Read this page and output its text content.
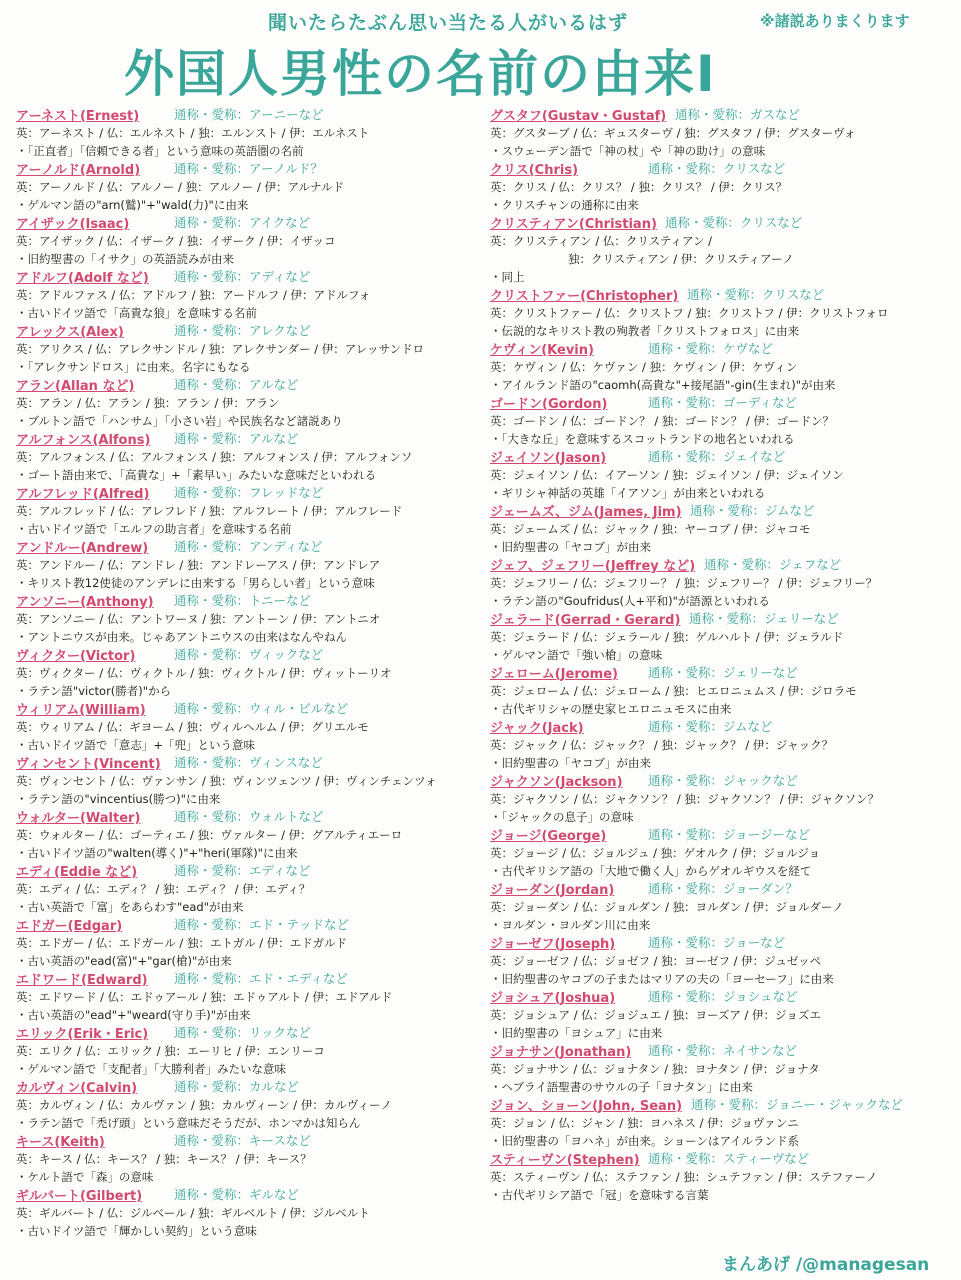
聞いたらたぶん思い当たる人がいるはず	※諸説ありまくります
外国人男性の名前の由来Ⅰ
アーネスト(Ernest)	通称・愛称：アーニーなど
英：アーネスト / 仏：エルネスト / 独：エルンスト / 伊：エルネスト
・「正直者」「信頼できる者」という意味の英語圏の名前
アーノルド(Arnold)	通称・愛称：アーノルド？
英：アーノルド / 仏：アルノー / 独：アルノー / 伊：アルナルド
・ゲルマン語の"arn(鷲)"+"wald(力)"に由来
アイザック(Isaac)	通称・愛称：アイクなど
英：アイザック / 仏：イザーク / 独：イザーク / 伊：イザッコ
・旧約聖書の「イサク」の英語読みが由来
アドルフ(Adolf など) 通称・愛称：アディなど
英：アドルファス / 仏：アドルフ / 独：アードルフ / 伊：アドルフォ
・古いドイツ語で「高貴な狼」を意味する名前
アレックス(Alex)	通称・愛称：アレクなど
英：アリクス / 仏：アレクサンドル / 独：アレクサンダー / 伊：アレッサンドロ
・「アレクサンドロス」に由来。名字にもなる
アラン(Allan など)	通称・愛称：アルなど
英：アラン / 仏：アラン / 独：アラン / 伊：アラン
・ブルトン語で「ハンサム」「小さい岩」や民族名など諸説あり
アルフォンス(Alfons) 通称・愛称：アルなど
英：アルフォンス / 仏：アルフォンス / 独：アルフォンス / 伊：アルフォンソ
・ゴート語由来で、「高貴な」+「素早い」みたいな意味だといわれる
アルフレッド(Alfred) 通称・愛称：フレッドなど
英：アルフレッド / 仏：アレフレド / 独：アルフレート / 伊：アルフレード
・古いドイツ語で「エルフの助言者」を意味する名前
アンドルー(Andrew) 通称・愛称：アンディなど
英：アンドルー / 仏：アンドレ / 独：アンドレーアス / 伊：アンドレア
・キリスト教12使徒のアンデレに由来する「男らしい者」という意味
アンソニー(Anthony) 通称・愛称：トニーなど
英：アンソニー / 仏：アントワーヌ / 独：アントーン / 伊：アントニオ
・アントニウスが由来。じゃあアントニウスの由来はなんやねん
ヴィクター(Victor)	通称・愛称：ヴィックなど
英：ヴィクター / 仏：ヴィクトル / 独：ヴィクトル / 伊：ヴィットーリオ
・ラテン語"victor(勝者)"から
ウィリアム(William) 通称・愛称：ウィル・ビルなど
英：ウィリアム / 仏：ギヨーム / 独：ヴィルヘルム / 伊：グリエルモ
・古いドイツ語で「意志」+「兜」という意味
ヴィンセント(Vincent) 通称・愛称：ヴィンスなど
英：ヴィンセント / 仏：ヴァンサン / 独：ヴィンツェンツ / 伊：ヴィンチェンツォ
・ラテン語の"vincentius(勝つ)"に由来
ウォルター(Walter)	通称・愛称：ウォルトなど
英：ウォルター / 仏：ゴーティエ / 独：ヴァルター / 伊：グアルティエーロ
・古いドイツ語の"walten(導く)"+"heri(軍隊)"に由来
エディ(Eddie など)	通称・愛称：エディなど
英：エディ / 仏：エディ？ / 独：エディ？ / 伊：エディ？
・古い英語で「富」をあらわす"ead"が由来
エドガー(Edgar)	通称・愛称：エド・テッドなど
英：エドガー / 仏：エドガール / 独：エトガル / 伊：エドガルド
・古い英語の"ead(富)"+"gar(槍)"が由来
エドワード(Edward) 通称・愛称：エド・エディなど
英：エドワード / 仏：エドゥアール / 独：エドゥアルト / 伊：エドアルド
・古い英語の"ead"+"weard(守り手)"が由来
エリック(Erik・Eric) 通称・愛称：リックなど
英：エリク / 仏：エリック / 独：エーリヒ / 伊：エンリーコ
・ゲルマン語で「支配者」「大勝利者」みたいな意味
カルヴィン(Calvin)	通称・愛称：カルなど
英：カルヴィン / 仏：カルヴァン / 独：カルヴィーン / 伊：カルヴィーノ
・ラテン語で「禿げ頭」という意味だそうだが、ホンマかは知らん
キース(Keith)	通称・愛称：キースなど
英：キース / 仏：キース？ / 独：キース？ / 伊：キース？
・ケルト語で「森」の意味
ギルバート(Gilbert)	通称・愛称：ギルなど
英：ギルバート / 仏：ジルベール / 独：ギルベルト / 伊：ジルベルト
・古いドイツ語で「輝かしい契約」という意味
グスタフ(Gustav・Gustaf) 通称・愛称：ガスなど
英：グスターブ / 仏：ギュスターヴ / 独：グスタフ / 伊：グスターヴォ
・スウェーデン語で「神の杖」や「神の助け」の意味
クリス(Chris)	通称・愛称：クリスなど
英：クリス / 仏：クリス？ / 独：クリス？ / 伊：クリス？
・クリスチャンの通称に由来
クリスティアン(Christian) 通称・愛称：クリスなど
英：クリスティアン / 仏：クリスティアン /
独：クリスティアン / 伊：クリスティアーノ
・同上
クリストファー(Christopher) 通称・愛称：クリスなど
英：クリストファー / 仏：クリストフ / 独：クリストフ / 伊：クリストフォロ
・伝説的なキリスト教の殉教者「クリストフォロス」に由来
ケヴィン(Kevin)	通称・愛称：ケヴなど
英：ケヴィン / 仏：ケヴァン / 独：ケヴィン / 伊：ケヴィン
・アイルランド語の"caomh(高貴な"+接尾語"-gin(生まれ)"が由来
ゴードン(Gordon)	通称・愛称：ゴーディなど
英：ゴードン / 仏：ゴードン？ / 独：ゴードン？ / 伊：ゴードン？
・「大きな丘」を意味するスコットランドの地名といわれる
ジェイソン(Jason)	通称・愛称：ジェイなど
英：ジェイソン / 仏：イアーソン / 独：ジェイソン / 伊：ジェイソン
・ギリシャ神話の英雄「イアソン」が由来といわれる
ジェームズ、ジム(James, Jim) 通称・愛称：ジムなど
英：ジェームズ / 仏：ジャック / 独：ヤーコブ / 伊：ジャコモ
・旧約聖書の「ヤコブ」が由来
ジェフ、ジェフリー(Jeffrey など) 通称・愛称：ジェフなど
英：ジェフリー / 仏：ジェフリー？ / 独：ジェフリー？ / 伊：ジェフリー？
・ラテン語の"Goufridus(人+平和)"が語源といわれる
ジェラード(Gerrad・Gerard) 通称・愛称：ジェリーなど
英：ジェラード / 仏：ジェラール / 独：ゲルハルト / 伊：ジェラルド
・ゲルマン語で「強い槍」の意味
ジェローム(Jerome) 通称・愛称：ジェリーなど
英：ジェローム / 仏：ジェローム / 独：ヒエロニュムス / 伊：ジロラモ
・古代ギリシャの歴史家ヒエロニュモスに由来
ジャック(Jack)	通称・愛称：ジムなど
英：ジャック / 仏：ジャック？ / 独：ジャック？ / 伊：ジャック？
・旧約聖書の「ヤコブ」が由来
ジャクソン(Jackson) 通称・愛称：ジャックなど
英：ジャクソン / 仏：ジャクソン？ / 独：ジャクソン？ / 伊：ジャクソン？
・「ジャックの息子」の意味
ジョージ(George)	通称・愛称：ジョージーなど
英：ジョージ / 仏：ジョルジュ / 独：ゲオルク / 伊：ジョルジョ
・古代ギリシア語の「大地で働く人」からゲオルギウスを経て
ジョーダン(Jordan)	通称・愛称：ジョーダン？
英：ジョーダン / 仏：ジョルダン / 独：ヨルダン / 伊：ジョルダーノ
・ヨルダン・ヨルダン川に由来
ジョーゼフ(Joseph)	通称・愛称：ジョーなど
英：ジョーゼフ / 仏：ジョゼフ / 独：ヨーゼフ / 伊：ジュゼッペ
・旧約聖書のヤコブの子またはマリアの夫の「ヨーセーフ」に由来
ジョシュア(Joshua)	通称・愛称：ジョシュなど
英：ジョシュア / 仏：ジョジュエ / 独：ヨーズア / 伊：ジョズエ
・旧約聖書の「ヨシュア」に由来
ジョナサン(Jonathan) 通称・愛称：ネイサンなど
英：ジョナサン / 仏：ジョナタン / 独：ヨナタン / 伊：ジョナタ
・ヘブライ語聖書のサウルの子「ヨナタン」に由来
ジョン、ショーン(John, Sean) 通称・愛称：ジョニー・ジャックなど
英：ジョン / 仏：ジャン / 独：ヨハネス / 伊：ジョヴァンニ
・旧約聖書の「ヨハネ」が由来。ショーンはアイルランド系
スティーヴン(Stephen) 通称・愛称：スティーヴなど
英：スティーヴン / 仏：ステファン / 独：シュテファン / 伊：ステファーノ
・古代ギリシア語で「冠」を意味する言葉
まんあげ /@managesan
